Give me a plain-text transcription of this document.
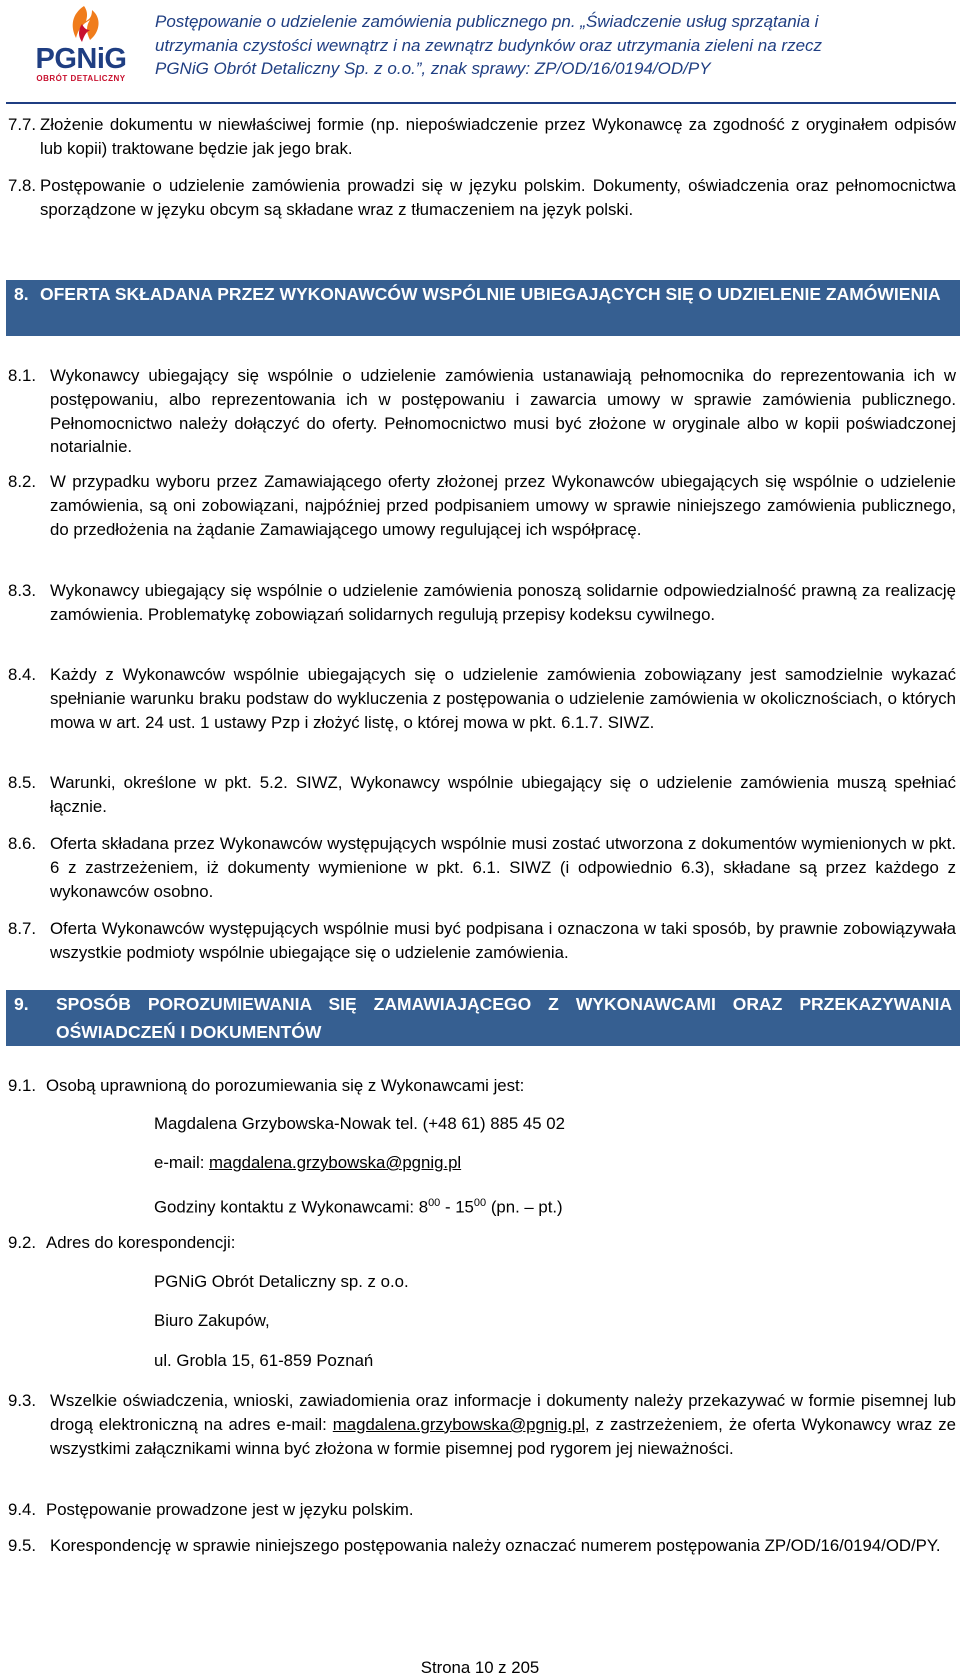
PGNiG
OBRÓT DETALICZNY
Postępowanie o udzielenie zamówienia publicznego pn. „Świadczenie usług sprzątania i
utrzymania czystości wewnątrz i na zewnątrz budynków oraz utrzymania zieleni na rzecz
PGNiG Obrót Detaliczny Sp. z o.o.”, znak sprawy: ZP/OD/16/0194/OD/PY
7.7. Złożenie dokumentu w niewłaściwej formie (np. niepoświadczenie przez Wykonawcę za zgodność z oryginałem odpisów lub kopii) traktowane będzie jak jego brak.
7.8. Postępowanie o udzielenie zamówienia prowadzi się w języku polskim. Dokumenty, oświadczenia oraz pełnomocnictwa sporządzone w języku obcym są składane wraz z tłumaczeniem na język polski.
8. OFERTA SKŁADANA PRZEZ WYKONAWCÓW WSPÓLNIE UBIEGAJĄCYCH SIĘ O UDZIELENIE ZAMÓWIENIA
8.1. Wykonawcy ubiegający się wspólnie o udzielenie zamówienia ustanawiają pełnomocnika do reprezentowania ich w postępowaniu, albo reprezentowania ich w postępowaniu i zawarcia umowy w sprawie zamówienia publicznego. Pełnomocnictwo należy dołączyć do oferty. Pełnomocnictwo musi być złożone w oryginale albo w kopii poświadczonej notarialnie.
8.2. W przypadku wyboru przez Zamawiającego oferty złożonej przez Wykonawców ubiegających się wspólnie o udzielenie zamówienia, są oni zobowiązani, najpóźniej przed podpisaniem umowy w sprawie niniejszego zamówienia publicznego, do przedłożenia na żądanie Zamawiającego umowy regulującej ich współpracę.
8.3. Wykonawcy ubiegający się wspólnie o udzielenie zamówienia ponoszą solidarnie odpowiedzialność prawną za realizację zamówienia. Problematykę zobowiązań solidarnych regulują przepisy kodeksu cywilnego.
8.4. Każdy z Wykonawców wspólnie ubiegających się o udzielenie zamówienia zobowiązany jest samodzielnie wykazać spełnianie warunku braku podstaw do wykluczenia z postępowania o udzielenie zamówienia w okolicznościach, o których mowa w art. 24 ust. 1 ustawy Pzp i złożyć listę, o której mowa w pkt. 6.1.7. SIWZ.
8.5. Warunki, określone w pkt. 5.2. SIWZ, Wykonawcy wspólnie ubiegający się o udzielenie zamówienia muszą spełniać łącznie.
8.6. Oferta składana przez Wykonawców występujących wspólnie musi zostać utworzona z dokumentów wymienionych w pkt. 6 z zastrzeżeniem, iż dokumenty wymienione w pkt. 6.1. SIWZ (i odpowiednio 6.3), składane są przez każdego z wykonawców osobno.
8.7. Oferta Wykonawców występujących wspólnie musi być podpisana i oznaczona w taki sposób, by prawnie zobowiązywała wszystkie podmioty wspólnie ubiegające się o udzielenie zamówienia.
9. SPOSÓB POROZUMIEWANIA SIĘ ZAMAWIAJĄCEGO Z WYKONAWCAMI ORAZ PRZEKAZYWANIA OŚWIADCZEŃ I DOKUMENTÓW
9.1. Osobą uprawnioną do porozumiewania się z Wykonawcami jest:
Magdalena Grzybowska-Nowak tel. (+48 61) 885 45 02
e-mail: magdalena.grzybowska@pgnig.pl
Godziny kontaktu z Wykonawcami: $8^{00} - 15^{00}$ (pn. – pt.)
9.2. Adres do korespondencji:
PGNiG Obrót Detaliczny sp. z o.o.
Biuro Zakupów,
ul. Grobla 15, 61-859 Poznań
9.3. Wszelkie oświadczenia, wnioski, zawiadomienia oraz informacje i dokumenty należy przekazywać w formie pisemnej lub drogą elektroniczną na adres e-mail: magdalena.grzybowska@pgnig.pl, z zastrzeżeniem, że oferta Wykonawcy wraz ze wszystkimi załącznikami winna być złożona w formie pisemnej pod rygorem jej nieważności.
9.4. Postępowanie prowadzone jest w języku polskim.
9.5. Korespondencję w sprawie niniejszego postępowania należy oznaczać numerem postępowania ZP/OD/16/0194/OD/PY.
Strona 10 z 205
